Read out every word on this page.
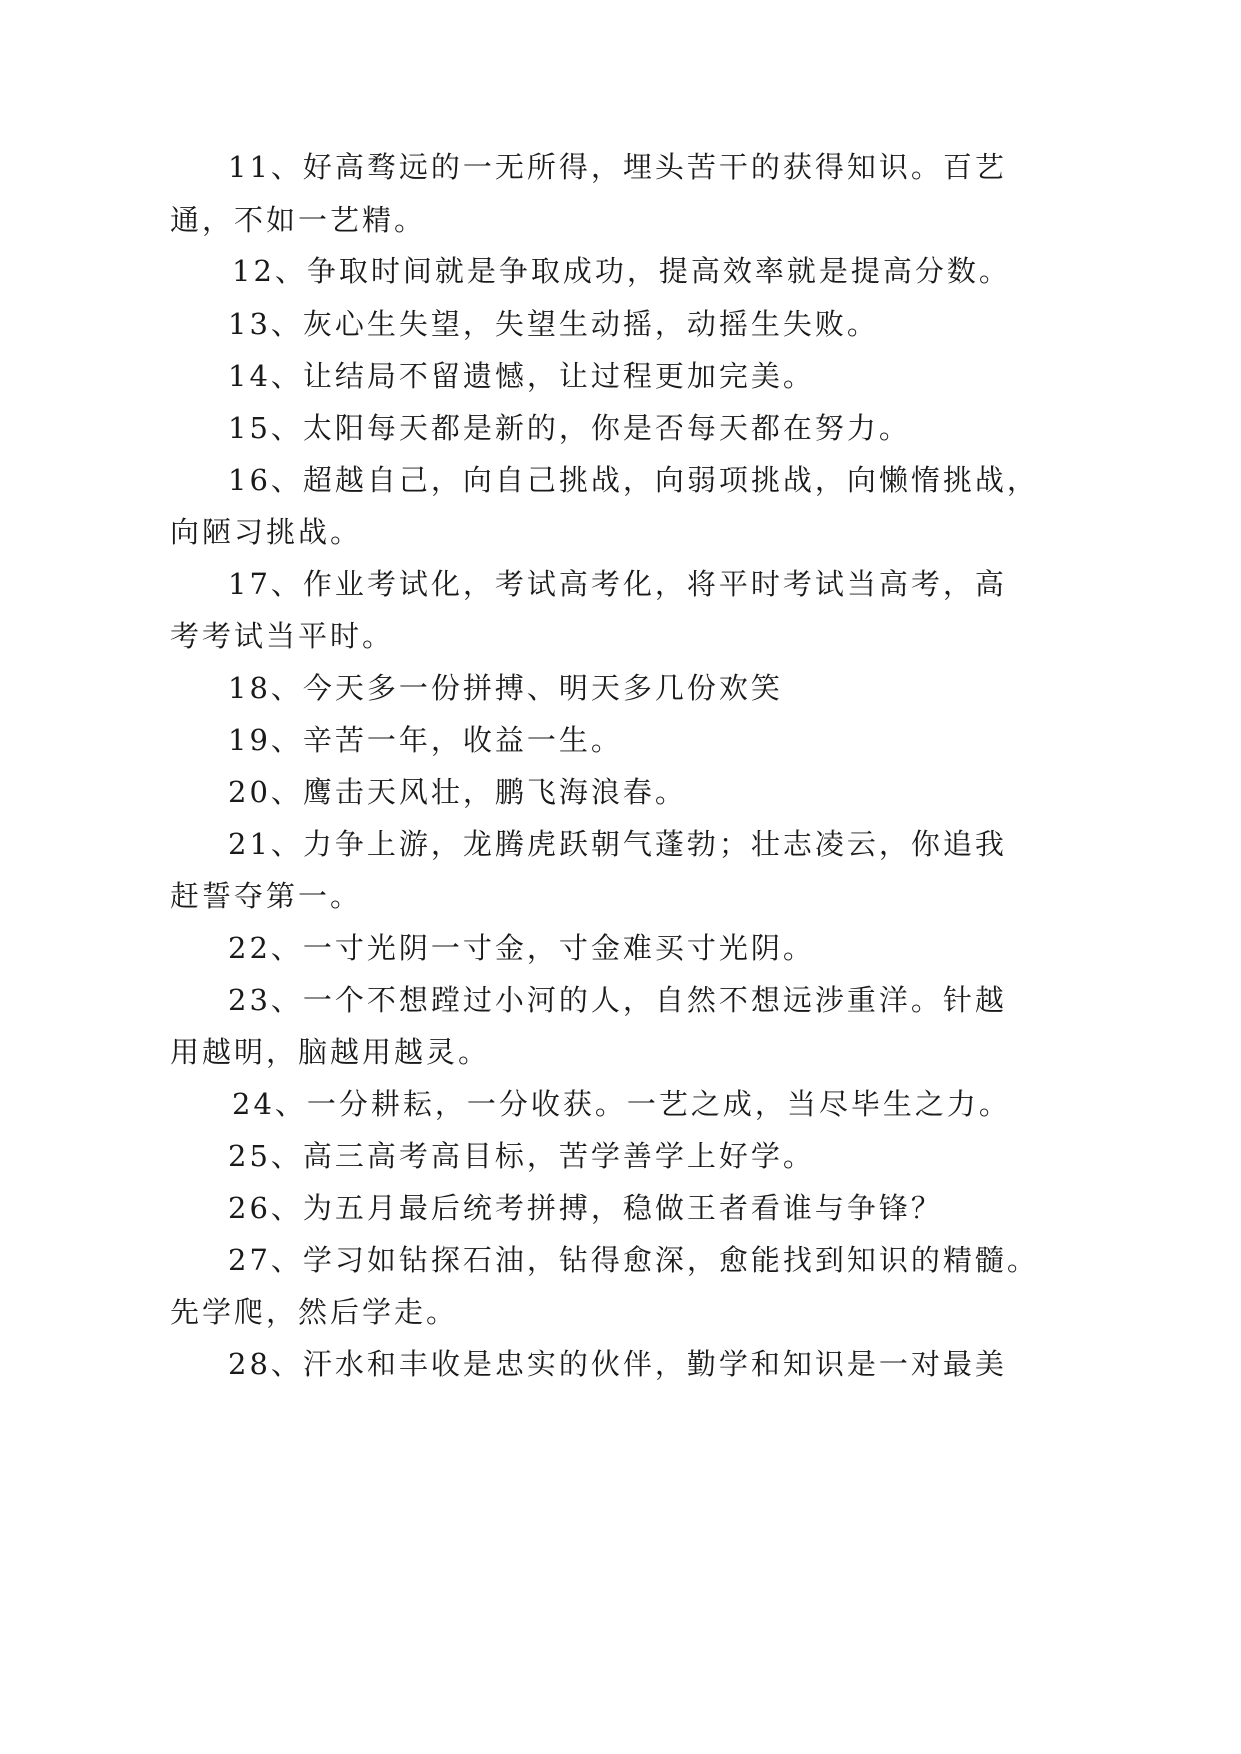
11、好高骛远的一无所得，埋头苦干的获得知识。百艺

通，不如一艺精。

12、争取时间就是争取成功，提高效率就是提高分数。

13、灰心生失望，失望生动摇，动摇生失败。

14、让结局不留遗憾，让过程更加完美。

15、太阳每天都是新的，你是否每天都在努力。

16、超越自己，向自己挑战，向弱项挑战，向懒惰挑战，

向陋习挑战。

17、作业考试化，考试高考化，将平时考试当高考，高

考考试当平时。

18、今天多一份拼搏、明天多几份欢笑

19、辛苦一年，收益一生。

20、鹰击天风壮，鹏飞海浪春。

21、力争上游，龙腾虎跃朝气蓬勃；壮志凌云，你追我

赶誓夺第一。

22、一寸光阴一寸金，寸金难买寸光阴。

23、一个不想蹚过小河的人，自然不想远涉重洋。针越

用越明，脑越用越灵。

24、一分耕耘，一分收获。一艺之成，当尽毕生之力。

25、高三高考高目标，苦学善学上好学。

26、为五月最后统考拼搏，稳做王者看谁与争锋？

27、学习如钻探石油，钻得愈深，愈能找到知识的精髓。

先学爬，然后学走。

28、汗水和丰收是忠实的伙伴，勤学和知识是一对最美
